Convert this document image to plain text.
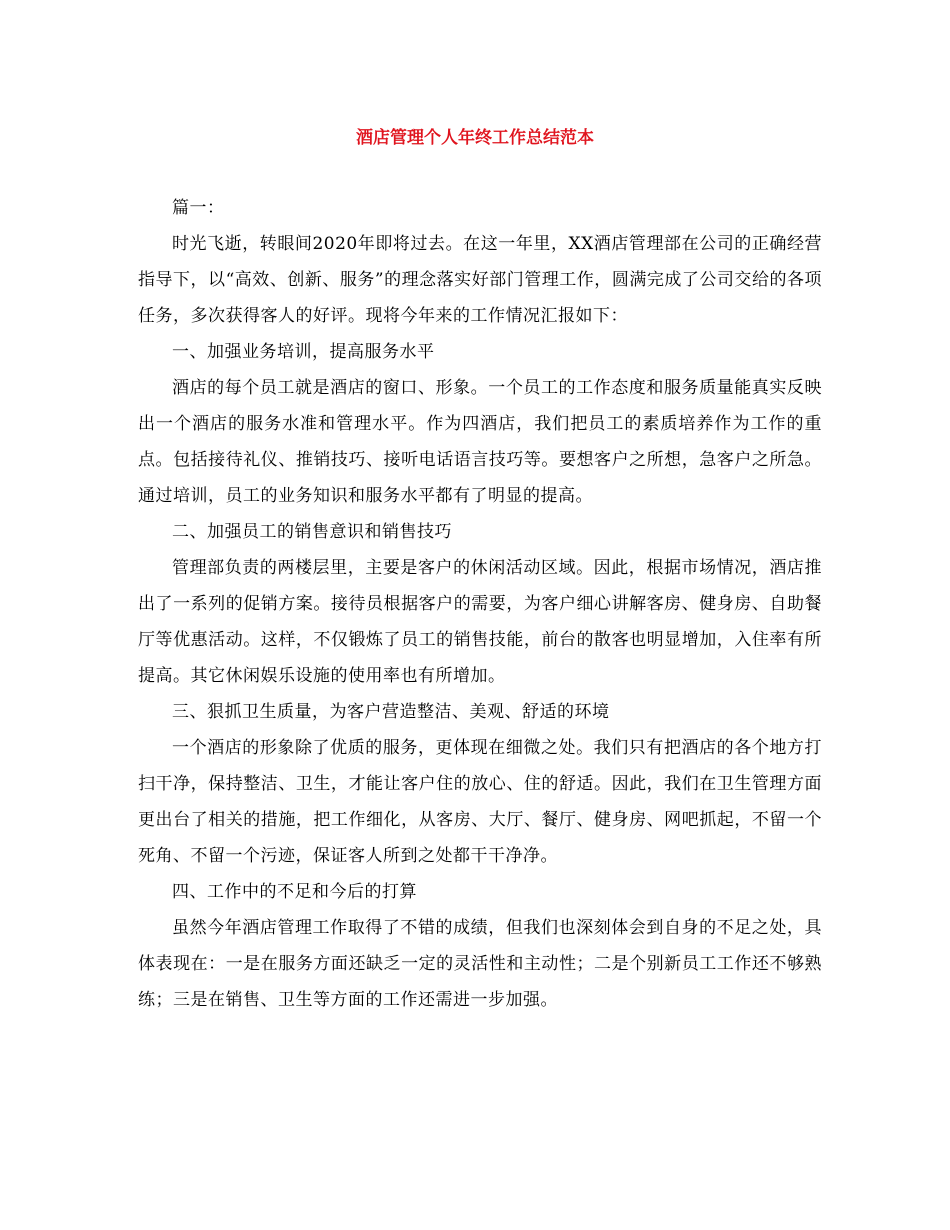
酒店管理个人年终工作总结范本

篇一：

时光飞逝，转眼间2020年即将过去。在这一年里，XX酒店管理部在公司的正确经营指导下，以“高效、创新、服务”的理念落实好部门管理工作，圆满完成了公司交给的各项任务，多次获得客人的好评。现将今年来的工作情况汇报如下：

一、加强业务培训，提高服务水平

酒店的每个员工就是酒店的窗口、形象。一个员工的工作态度和服务质量能真实反映出一个酒店的服务水准和管理水平。作为四酒店，我们把员工的素质培养作为工作的重点。包括接待礼仪、推销技巧、接听电话语言技巧等。要想客户之所想，急客户之所急。通过培训，员工的业务知识和服务水平都有了明显的提高。

二、加强员工的销售意识和销售技巧

管理部负责的两楼层里，主要是客户的休闲活动区域。因此，根据市场情况，酒店推出了一系列的促销方案。接待员根据客户的需要，为客户细心讲解客房、健身房、自助餐厅等优惠活动。这样，不仅锻炼了员工的销售技能，前台的散客也明显增加，入住率有所提高。其它休闲娱乐设施的使用率也有所增加。

三、狠抓卫生质量，为客户营造整洁、美观、舒适的环境

一个酒店的形象除了优质的服务，更体现在细微之处。我们只有把酒店的各个地方打扫干净，保持整洁、卫生，才能让客户住的放心、住的舒适。因此，我们在卫生管理方面更出台了相关的措施，把工作细化，从客房、大厅、餐厅、健身房、网吧抓起，不留一个死角、不留一个污迹，保证客人所到之处都干干净净。

四、工作中的不足和今后的打算

虽然今年酒店管理工作取得了不错的成绩，但我们也深刻体会到自身的不足之处，具体表现在：一是在服务方面还缺乏一定的灵活性和主动性；二是个别新员工工作还不够熟练；三是在销售、卫生等方面的工作还需进一步加强。
